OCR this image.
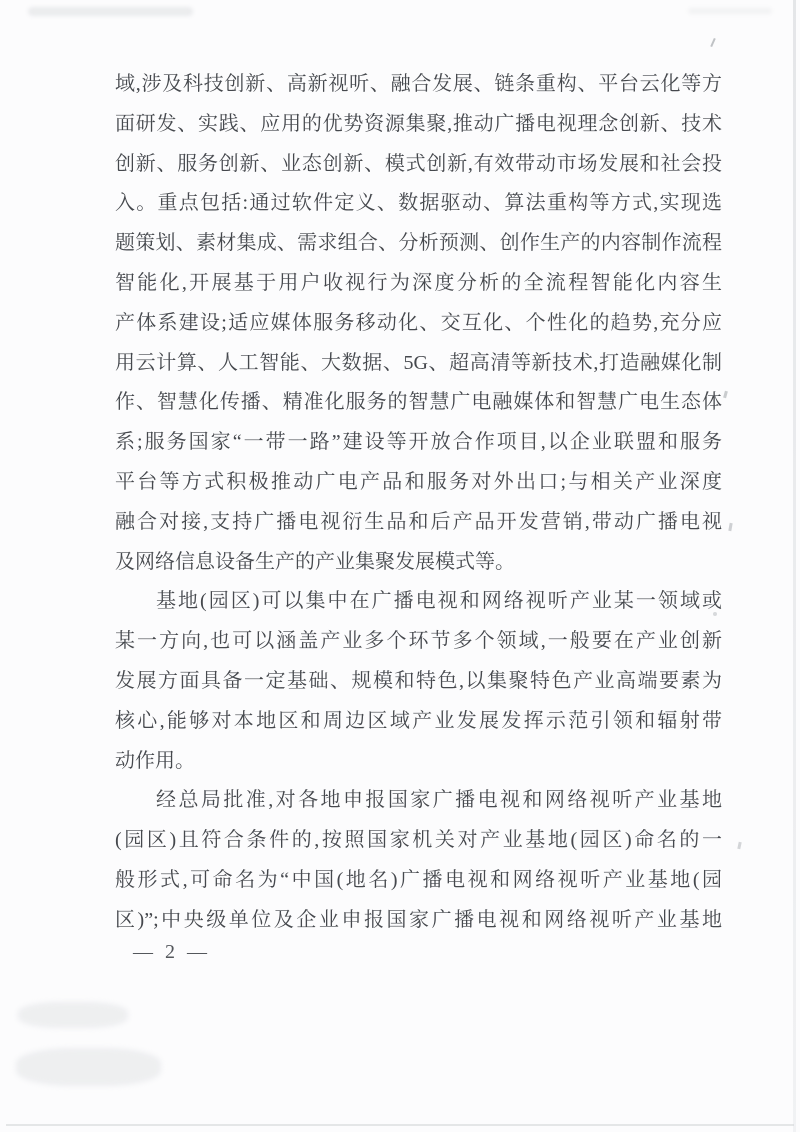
域,涉及科技创新、高新视听、融合发展、链条重构、平台云化等方

面研发、实践、应用的优势资源集聚,推动广播电视理念创新、技术

创新、服务创新、业态创新、模式创新,有效带动市场发展和社会投

入。重点包括:通过软件定义、数据驱动、算法重构等方式,实现选

题策划、素材集成、需求组合、分析预测、创作生产的内容制作流程

智能化,开展基于用户收视行为深度分析的全流程智能化内容生

产体系建设;适应媒体服务移动化、交互化、个性化的趋势,充分应

用云计算、人工智能、大数据、5G、超高清等新技术,打造融媒化制

作、智慧化传播、精准化服务的智慧广电融媒体和智慧广电生态体

系;服务国家“一带一路”建设等开放合作项目,以企业联盟和服务

平台等方式积极推动广电产品和服务对外出口;与相关产业深度

融合对接,支持广播电视衍生品和后产品开发营销,带动广播电视

及网络信息设备生产的产业集聚发展模式等。

基地(园区)可以集中在广播电视和网络视听产业某一领域或

某一方向,也可以涵盖产业多个环节多个领域,一般要在产业创新

发展方面具备一定基础、规模和特色,以集聚特色产业高端要素为

核心,能够对本地区和周边区域产业发展发挥示范引领和辐射带

动作用。

经总局批准,对各地申报国家广播电视和网络视听产业基地

(园区)且符合条件的,按照国家机关对产业基地(园区)命名的一

般形式,可命名为“中国(地名)广播电视和网络视听产业基地(园

区)”;中央级单位及企业申报国家广播电视和网络视听产业基地

— 2 —
